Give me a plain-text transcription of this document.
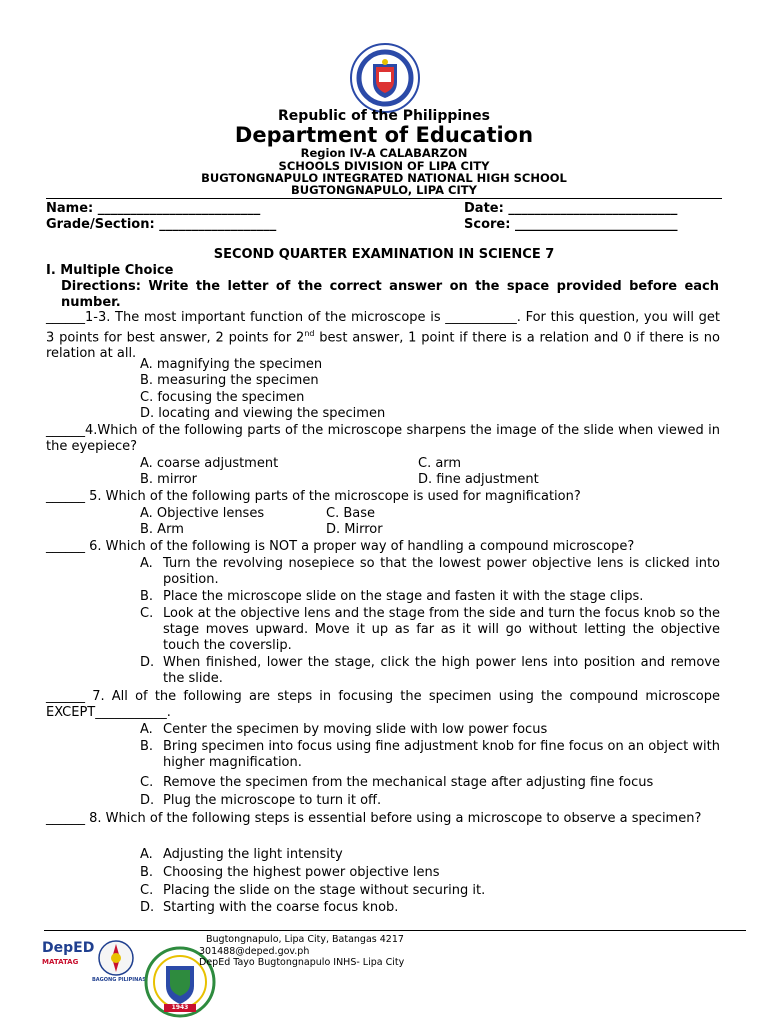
Republic of the Philippines
Department of Education
Region IV-A CALABARZON
SCHOOLS DIVISION OF LIPA CITY
BUGTONGNAPULO INTEGRATED NATIONAL HIGH SCHOOL
BUGTONGNAPULO, LIPA CITY
Name: _________________________	Date: __________________________
Grade/Section: __________________	Score: _________________________
SECOND QUARTER EXAMINATION IN SCIENCE 7
I. Multiple Choice
Directions: Write the letter of the correct answer on the space provided before each number.
______1-3. The most important function of the microscope is ___________. For this question, you will get 3 points for best answer, 2 points for 2nd best answer, 1 point if there is a relation and 0 if there is no relation at all.
A. magnifying the specimen
B. measuring the specimen
C. focusing the specimen
D. locating and viewing the specimen
______4.Which of the following parts of the microscope sharpens the image of the slide when viewed in the eyepiece?
A. coarse adjustment	C. arm
B. mirror	D. fine adjustment
______ 5. Which of the following parts of the microscope is used for magnification?
A. Objective lenses	C. Base
B. Arm	D. Mirror
______ 6. Which of the following is NOT a proper way of handling a compound microscope?
A. Turn the revolving nosepiece so that the lowest power objective lens is clicked into position.
B. Place the microscope slide on the stage and fasten it with the stage clips.
C. Look at the objective lens and the stage from the side and turn the focus knob so the stage moves upward. Move it up as far as it will go without letting the objective touch the coverslip.
D. When finished, lower the stage, click the high power lens into position and remove the slide.
______ 7. All of the following are steps in focusing the specimen using the compound microscope EXCEPT___________.
A. Center the specimen by moving slide with low power focus
B. Bring specimen into focus using fine adjustment knob for fine focus on an object with higher magnification.
C. Remove the specimen from the mechanical stage after adjusting fine focus
D. Plug the microscope to turn it off.
______ 8. Which of the following steps is essential before using a microscope to observe a specimen?
A. Adjusting the light intensity
B. Choosing the highest power objective lens
C. Placing the slide on the stage without securing it.
D. Starting with the coarse focus knob.
DepED
MATATAG
BAGONG PILIPINAS
1943
Bugtongnapulo, Lipa City, Batangas 4217
301488@deped.gov.ph
DepEd Tayo Bugtongnapulo INHS- Lipa City
